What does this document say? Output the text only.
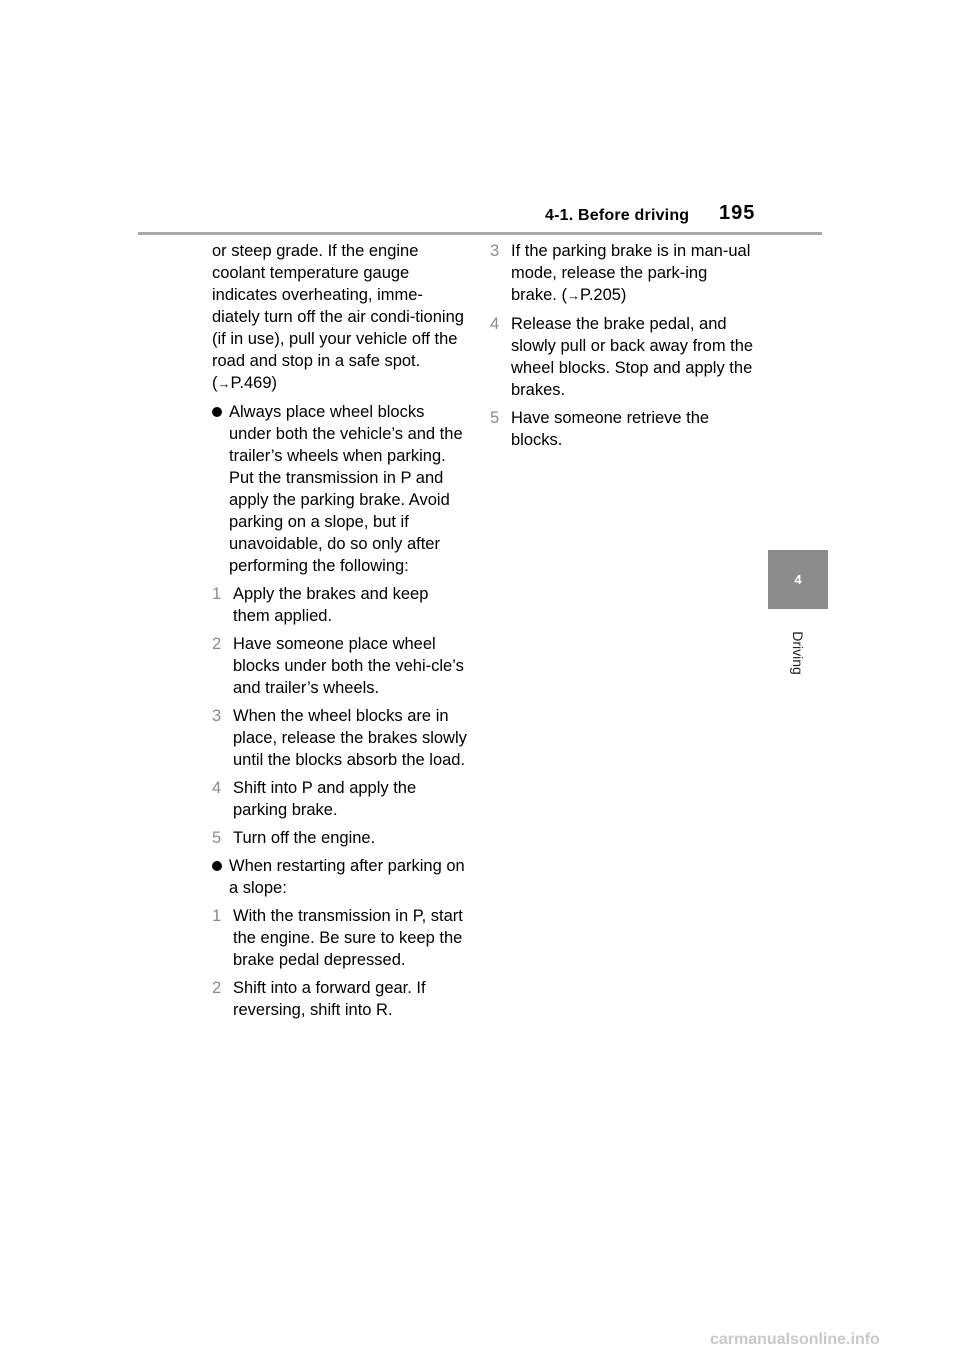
4-1. Before driving 195
4
Driving

or steep grade. If the engine coolant temperature gauge indicates overheating, imme-diately turn off the air condi-tioning (if in use), pull your vehicle off the road and stop in a safe spot. (→P.469)

Always place wheel blocks under both the vehicle’s and the trailer’s wheels when parking. Put the transmission in P and apply the parking brake. Avoid parking on a slope, but if unavoidable, do so only after performing the following:
1 Apply the brakes and keep them applied.
2 Have someone place wheel blocks under both the vehi-cle’s and trailer’s wheels.
3 When the wheel blocks are in place, release the brakes slowly until the blocks absorb the load.
4 Shift into P and apply the parking brake.
5 Turn off the engine.
When restarting after parking on a slope:
1 With the transmission in P, start the engine. Be sure to keep the brake pedal depressed.
2 Shift into a forward gear. If reversing, shift into R.
3 If the parking brake is in man-ual mode, release the park-ing brake. (→P.205)
4 Release the brake pedal, and slowly pull or back away from the wheel blocks. Stop and apply the brakes.
5 Have someone retrieve the blocks.
carmanualsonline.info
